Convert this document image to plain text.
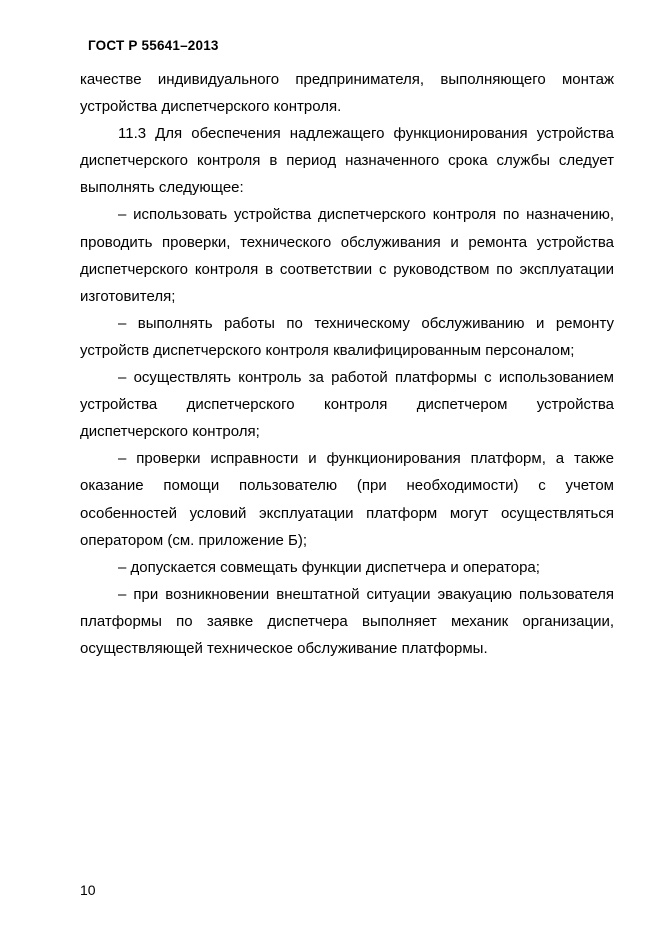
ГОСТ Р 55641–2013

качестве индивидуального предпринимателя, выполняющего монтаж устройства диспетчерского контроля.

11.3 Для обеспечения надлежащего функционирования устройства диспетчерского контроля в период назначенного срока службы следует выполнять следующее:

– использовать устройства диспетчерского контроля по назначению, проводить проверки, технического обслуживания и ремонта устройства диспетчерского контроля в соответствии с руководством по эксплуатации изготовителя;

– выполнять работы по техническому обслуживанию и ремонту устройств диспетчерского контроля квалифицированным персоналом;

– осуществлять контроль за работой платформы с использованием устройства диспетчерского контроля диспетчером устройства диспетчерского контроля;

– проверки исправности и функционирования платформ, а также оказание помощи пользователю (при необходимости) с учетом особенностей условий эксплуатации платформ могут осуществляться оператором (см. приложение Б);

– допускается совмещать функции диспетчера и оператора;

– при возникновении внештатной ситуации эвакуацию пользователя платформы по заявке диспетчера выполняет механик организации, осуществляющей техническое обслуживание платформы.

10
